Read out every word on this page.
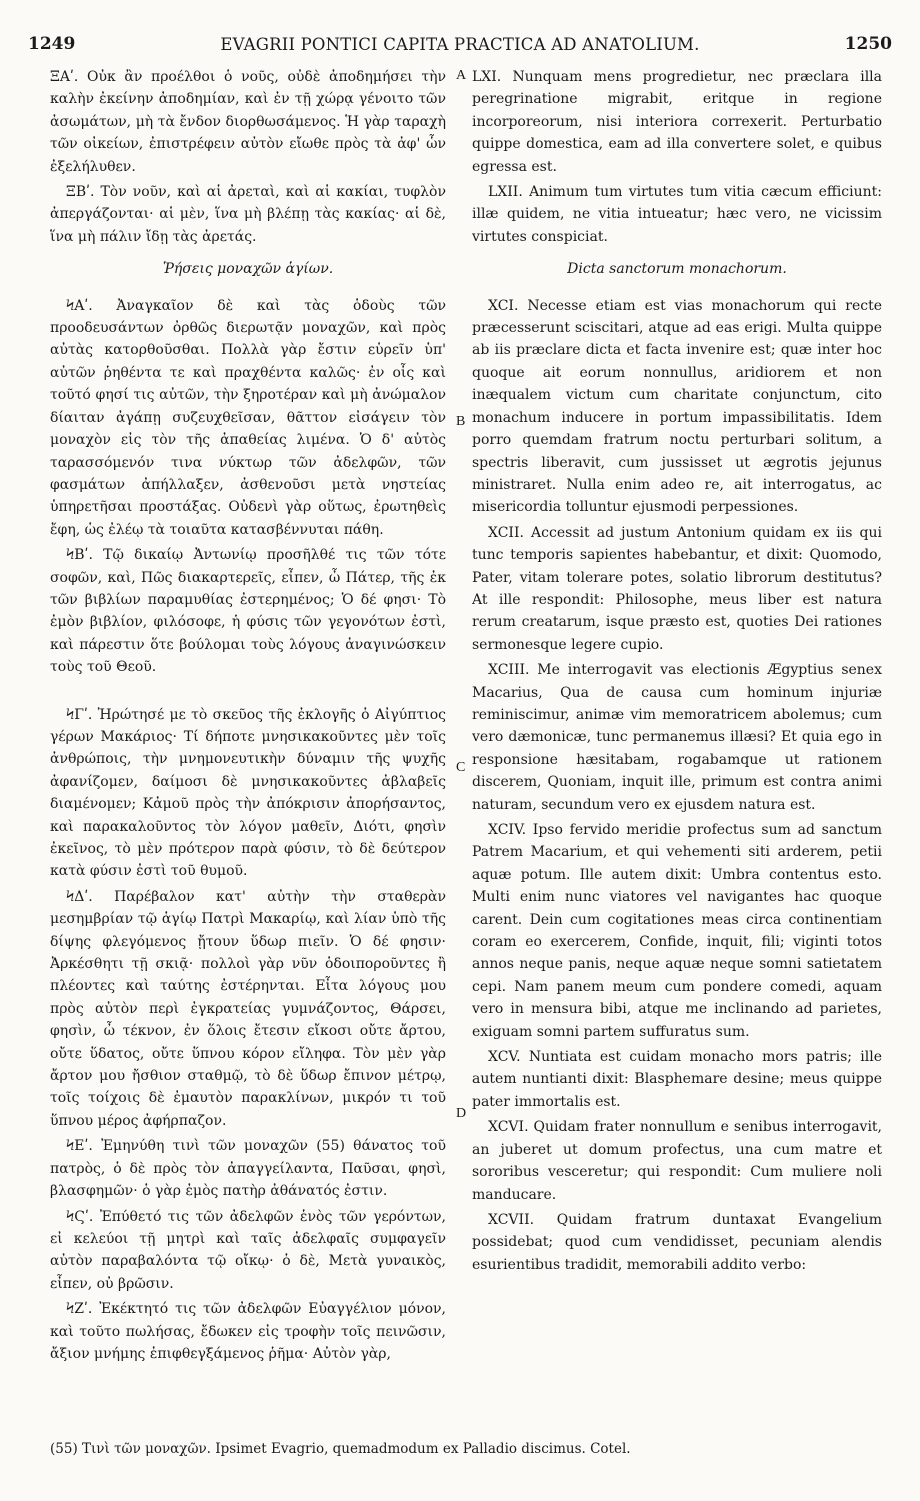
1249	EVAGRII PONTICI CAPITA PRACTICA AD ANATOLIUM.	1250

ΞΑʹ. Οὐκ ἂν προέλθοι ὁ νοῦς, οὐδὲ ἀποδημήσει τὴν καλὴν ἐκείνην ἀποδημίαν, καὶ ἐν τῇ χώρᾳ γένοιτο τῶν ἀσωμάτων, μὴ τὰ ἔνδον διορθωσάμενος. Ἡ γὰρ ταραχὴ τῶν οἰκείων, ἐπιστρέφειν αὐτὸν εἴωθε πρὸς τὰ ἀφ' ὧν ἐξελήλυθεν.

ΞΒʹ. Τὸν νοῦν, καὶ αἱ ἀρεταὶ, καὶ αἱ κακίαι, τυφλὸν ἀπεργάζονται· αἱ μὲν, ἵνα μὴ βλέπῃ τὰς κακίας· αἱ δὲ, ἵνα μὴ πάλιν ἴδῃ τὰς ἀρετάς.

Ῥήσεις μοναχῶν ἁγίων.

ϞΑʹ. Ἀναγκαῖον δὲ καὶ τὰς ὁδοὺς τῶν προοδευσάντων ὀρθῶς διερωτᾷν μοναχῶν, καὶ πρὸς αὐτὰς κατορθοῦσθαι. Πολλὰ γὰρ ἔστιν εὑρεῖν ὑπ' αὐτῶν ῥηθέντα τε καὶ πραχθέντα καλῶς· ἐν οἷς καὶ τοῦτό φησί τις αὐτῶν, τὴν ξηροτέραν καὶ μὴ ἀνώμαλον δίαιταν ἀγάπῃ συζευχθεῖσαν, θᾶττον εἰσάγειν τὸν μοναχὸν εἰς τὸν τῆς ἀπαθείας λιμένα. Ὁ δ' αὐτὸς ταρασσόμενόν τινα νύκτωρ τῶν ἀδελφῶν, τῶν φασμάτων ἀπήλλαξεν, ἀσθενοῦσι μετὰ νηστείας ὑπηρετῆσαι προστάξας. Οὐδενὶ γὰρ οὕτως, ἐρωτηθεὶς ἔφη, ὡς ἐλέῳ τὰ τοιαῦτα κατασβέννυται πάθη.

ϞΒʹ. Τῷ δικαίῳ Ἀντωνίῳ προσῆλθέ τις τῶν τότε σοφῶν, καὶ, Πῶς διακαρτερεῖς, εἶπεν, ὦ Πάτερ, τῆς ἐκ τῶν βιβλίων παραμυθίας ἐστερημένος; Ὁ δέ φησι· Τὸ ἐμὸν βιβλίον, φιλόσοφε, ἡ φύσις τῶν γεγονότων ἐστὶ, καὶ πάρεστιν ὅτε βούλομαι τοὺς λόγους ἀναγινώσκειν τοὺς τοῦ Θεοῦ.

ϞΓʹ. Ἠρώτησέ με τὸ σκεῦος τῆς ἐκλογῆς ὁ Αἰγύπτιος γέρων Μακάριος· Τί δήποτε μνησικακοῦντες μὲν τοῖς ἀνθρώποις, τὴν μνημονευτικὴν δύναμιν τῆς ψυχῆς ἀφανίζομεν, δαίμοσι δὲ μνησικακοῦντες ἀβλαβεῖς διαμένομεν; Κἀμοῦ πρὸς τὴν ἀπόκρισιν ἀπορήσαντος, καὶ παρακαλοῦντος τὸν λόγον μαθεῖν, Διότι, φησὶν ἐκεῖνος, τὸ μὲν πρότερον παρὰ φύσιν, τὸ δὲ δεύτερον κατὰ φύσιν ἐστὶ τοῦ θυμοῦ.

ϞΔʹ. Παρέβαλον κατ' αὐτὴν τὴν σταθερὰν μεσημβρίαν τῷ ἁγίῳ Πατρὶ Μακαρίῳ, καὶ λίαν ὑπὸ τῆς δίψης φλεγόμενος ᾔτουν ὕδωρ πιεῖν. Ὁ δέ φησιν· Ἀρκέσθητι τῇ σκιᾷ· πολλοὶ γὰρ νῦν ὁδοιποροῦντες ἢ πλέοντες καὶ ταύτης ἐστέρηνται. Εἶτα λόγους μου πρὸς αὐτὸν περὶ ἐγκρατείας γυμνάζοντος, Θάρσει, φησὶν, ὦ τέκνον, ἐν ὅλοις ἔτεσιν εἴκοσι οὔτε ἄρτου, οὔτε ὕδατος, οὔτε ὕπνου κόρον εἴληφα. Τὸν μὲν γὰρ ἄρτον μου ἤσθιον σταθμῷ, τὸ δὲ ὕδωρ ἔπινον μέτρῳ, τοῖς τοίχοις δὲ ἐμαυτὸν παρακλίνων, μικρόν τι τοῦ ὕπνου μέρος ἀφήρπαζον.

ϞΕʹ. Ἐμηνύθη τινὶ τῶν μοναχῶν (55) θάνατος τοῦ πατρὸς, ὁ δὲ πρὸς τὸν ἀπαγγείλαντα, Παῦσαι, φησὶ, βλασφημῶν· ὁ γὰρ ἐμὸς πατὴρ ἀθάνατός ἐστιν.

ϞϚʹ. Ἐπύθετό τις τῶν ἀδελφῶν ἑνὸς τῶν γερόντων, εἰ κελεύοι τῇ μητρὶ καὶ ταῖς ἀδελφαῖς συμφαγεῖν αὐτὸν παραβαλόντα τῷ οἴκῳ· ὁ δὲ, Μετὰ γυναικὸς, εἶπεν, οὐ βρῶσιν.

ϞΖʹ. Ἐκέκτητό τις τῶν ἀδελφῶν Εὐαγγέλιον μόνον, καὶ τοῦτο πωλήσας, ἔδωκεν εἰς τροφὴν τοῖς πεινῶσιν, ἄξιον μνήμης ἐπιφθεγξάμενος ῥῆμα· Αὐτὸν γὰρ,

A
B
C
D

LXI. Nunquam mens progredietur, nec præclara illa peregrinatione migrabit, eritque in regione incorporeorum, nisi interiora correxerit. Perturbatio quippe domestica, eam ad illa convertere solet, e quibus egressa est.

LXII. Animum tum virtutes tum vitia cæcum efficiunt: illæ quidem, ne vitia intueatur; hæc vero, ne vicissim virtutes conspiciat.

Dicta sanctorum monachorum.

XCI. Necesse etiam est vias monachorum qui recte præcesserunt sciscitari, atque ad eas erigi. Multa quippe ab iis præclare dicta et facta invenire est; quæ inter hoc quoque ait eorum nonnullus, aridiorem et non inæqualem victum cum charitate conjunctum, cito monachum inducere in portum impassibilitatis. Idem porro quemdam fratrum noctu perturbari solitum, a spectris liberavit, cum jussisset ut ægrotis jejunus ministraret. Nulla enim adeo re, ait interrogatus, ac misericordia tolluntur ejusmodi perpessiones.

XCII. Accessit ad justum Antonium quidam ex iis qui tunc temporis sapientes habebantur, et dixit: Quomodo, Pater, vitam tolerare potes, solatio librorum destitutus? At ille respondit: Philosophe, meus liber est natura rerum creatarum, isque præsto est, quoties Dei rationes sermonesque legere cupio.

XCIII. Me interrogavit vas electionis Ægyptius senex Macarius, Qua de causa cum hominum injuriæ reminiscimur, animæ vim memoratricem abolemus; cum vero dæmonicæ, tunc permanemus illæsi? Et quia ego in responsione hæsitabam, rogabamque ut rationem discerem, Quoniam, inquit ille, primum est contra animi naturam, secundum vero ex ejusdem natura est.

XCIV. Ipso fervido meridie profectus sum ad sanctum Patrem Macarium, et qui vehementi siti arderem, petii aquæ potum. Ille autem dixit: Umbra contentus esto. Multi enim nunc viatores vel navigantes hac quoque carent. Dein cum cogitationes meas circa continentiam coram eo exercerem, Confide, inquit, fili; viginti totos annos neque panis, neque aquæ neque somni satietatem cepi. Nam panem meum cum pondere comedi, aquam vero in mensura bibi, atque me inclinando ad parietes, exiguam somni partem suffuratus sum.

XCV. Nuntiata est cuidam monacho mors patris; ille autem nuntianti dixit: Blasphemare desine; meus quippe pater immortalis est.

XCVI. Quidam frater nonnullum e senibus interrogavit, an juberet ut domum profectus, una cum matre et sororibus vesceretur; qui respondit: Cum muliere noli manducare.

XCVII. Quidam fratrum duntaxat Evangelium possidebat; quod cum vendidisset, pecuniam alendis esurientibus tradidit, memorabili addito verbo:

(55) Τινὶ τῶν μοναχῶν. Ipsimet Evagrio, quemadmodum ex Palladio discimus. Cotel.
